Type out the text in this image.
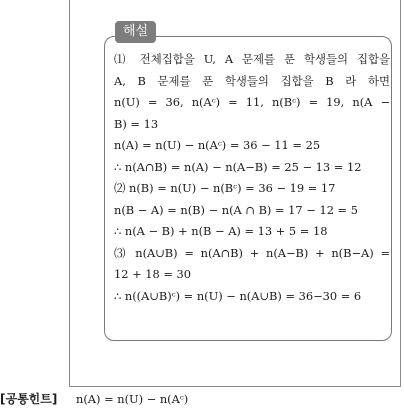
해설
⑴ 전체집합을 U, A 문제를 푼 학생들의 집합을
A, B 문제를 푼 학생들의 집합을 B 라 하면
n(U) = 36, n(Aᶜ) = 11, n(Bᶜ) = 19, n(A −
B) = 13
n(A) = n(U) − n(Aᶜ) = 36 − 11 = 25
∴ n(A∩B) = n(A) − n(A−B) = 25 − 13 = 12
⑵ n(B) = n(U) − n(Bᶜ) = 36 − 19 = 17
n(B − A) = n(B) − n(A ∩ B) = 17 − 12 = 5
∴ n(A − B) + n(B − A) = 13 + 5 = 18
⑶ n(A∪B) = n(A∩B) + n(A−B) + n(B−A) =
12 + 18 = 30
∴ n((A∪B)ᶜ) = n(U) − n(A∪B) = 36−30 = 6
[공통힌트] n(A) = n(U) − n(Aᶜ)
